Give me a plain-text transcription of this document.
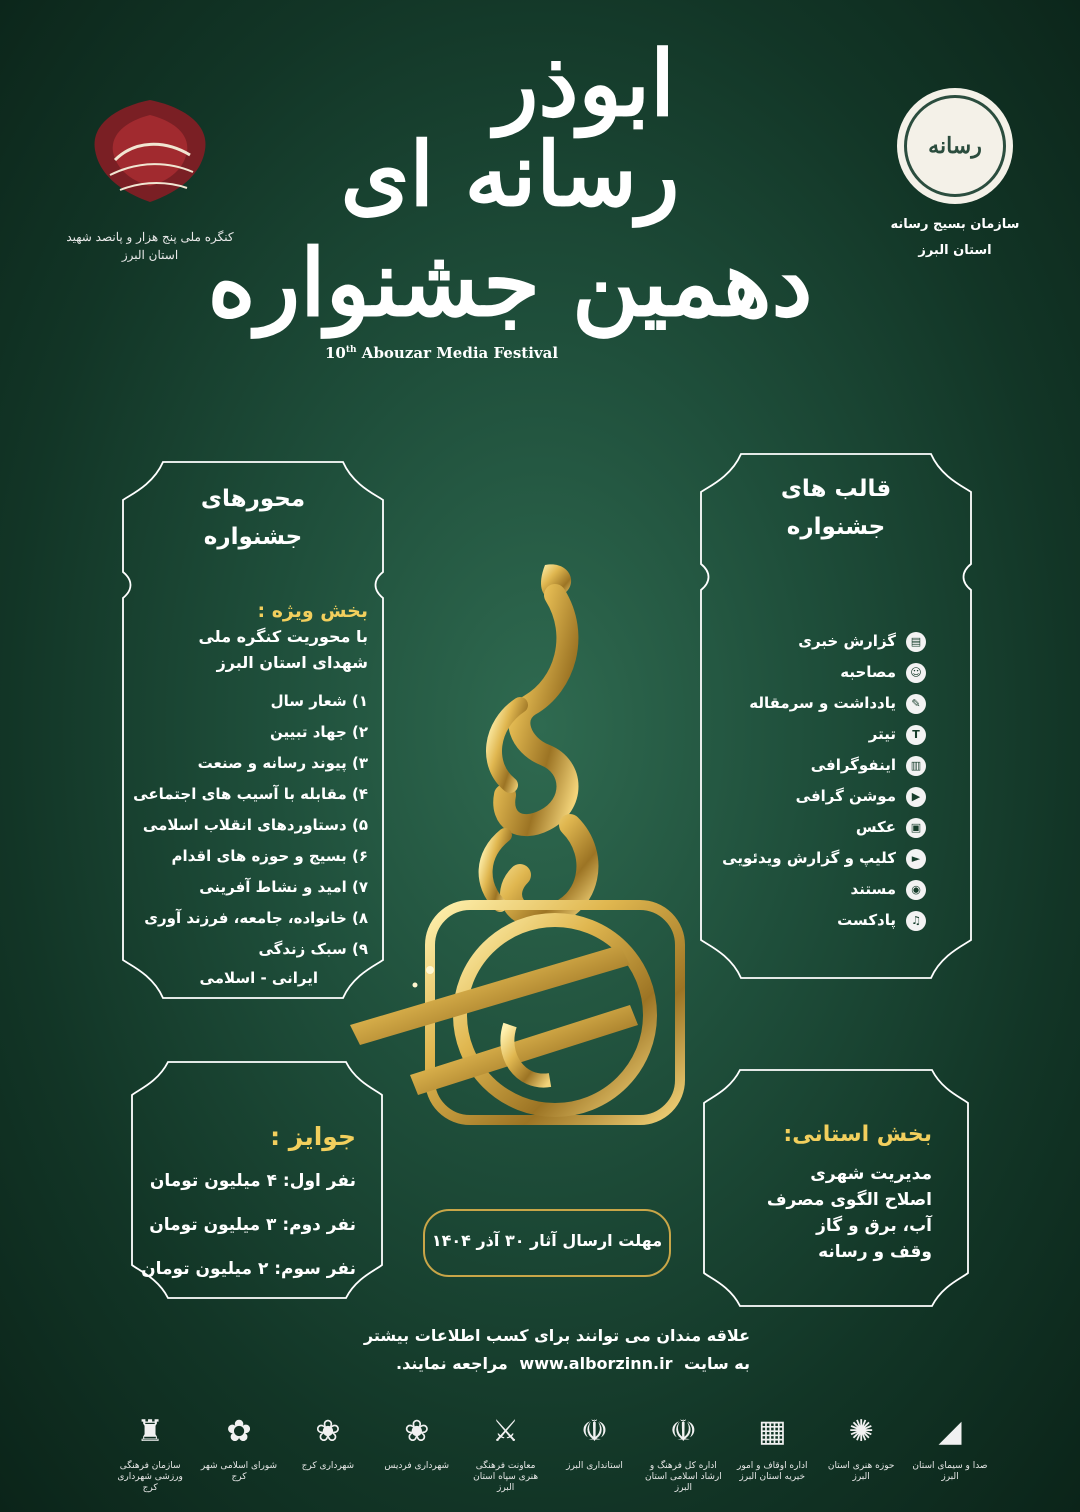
ابوذر
رسانه ای
دهمین جشنواره
10th Abouzar Media Festival
کنگره ملی پنج هزار و پانصد شهید
استان البرز
رسانه
سازمان بسیج رسانه
استان البرز
محورهای
جشنواره
بخش ویژه :
با محوریت کنگره ملی
شهدای استان البرز
۱) شعار سال
۲) جهاد تبیین
۳) پیوند رسانه و صنعت
۴) مقابله با آسیب های اجتماعی
۵) دستاوردهای انقلاب اسلامی
۶) بسیج و حوزه های اقدام
۷) امید و نشاط آفرینی
۸) خانواده، جامعه، فرزند آوری
۹) سبک زندگی
ایرانی - اسلامی
قالب های
جشنواره
▤
گزارش خبری
☺
مصاحبه
✎
یادداشت و سرمقاله
T
تیتر
▥
اینفوگرافی
▶
موشن گرافی
▣
عکس
►
کلیپ و گزارش ویدئویی
◉
مستند
♫
پادکست
جوایز :
نفر اول: ۴ میلیون تومان
نفر دوم: ۳ میلیون تومان
نفر سوم: ۲ میلیون تومان
بخش استانی:
مدیریت شهری
اصلاح الگوی مصرف
آب، برق و گاز
وقف و رسانه
مهلت ارسال آثار ۳۰ آذر ۱۴۰۴
علاقه مندان می توانند برای کسب اطلاعات بیشتر
به سایت www.alborzinn.ir مراجعه نمایند.
◢
صدا و سیمای استان البرز
✺
حوزه هنری استان البرز
▦
اداره اوقاف و امور خیریه استان البرز
☫
اداره کل فرهنگ و ارشاد اسلامی استان البرز
☫
استانداری البرز
⚔
معاونت فرهنگی هنری سپاه استان البرز
❀
شهرداری فردیس
❀
شهرداری کرج
✿
شورای اسلامی شهر کرج
♜
سازمان فرهنگی ورزشی شهرداری کرج
